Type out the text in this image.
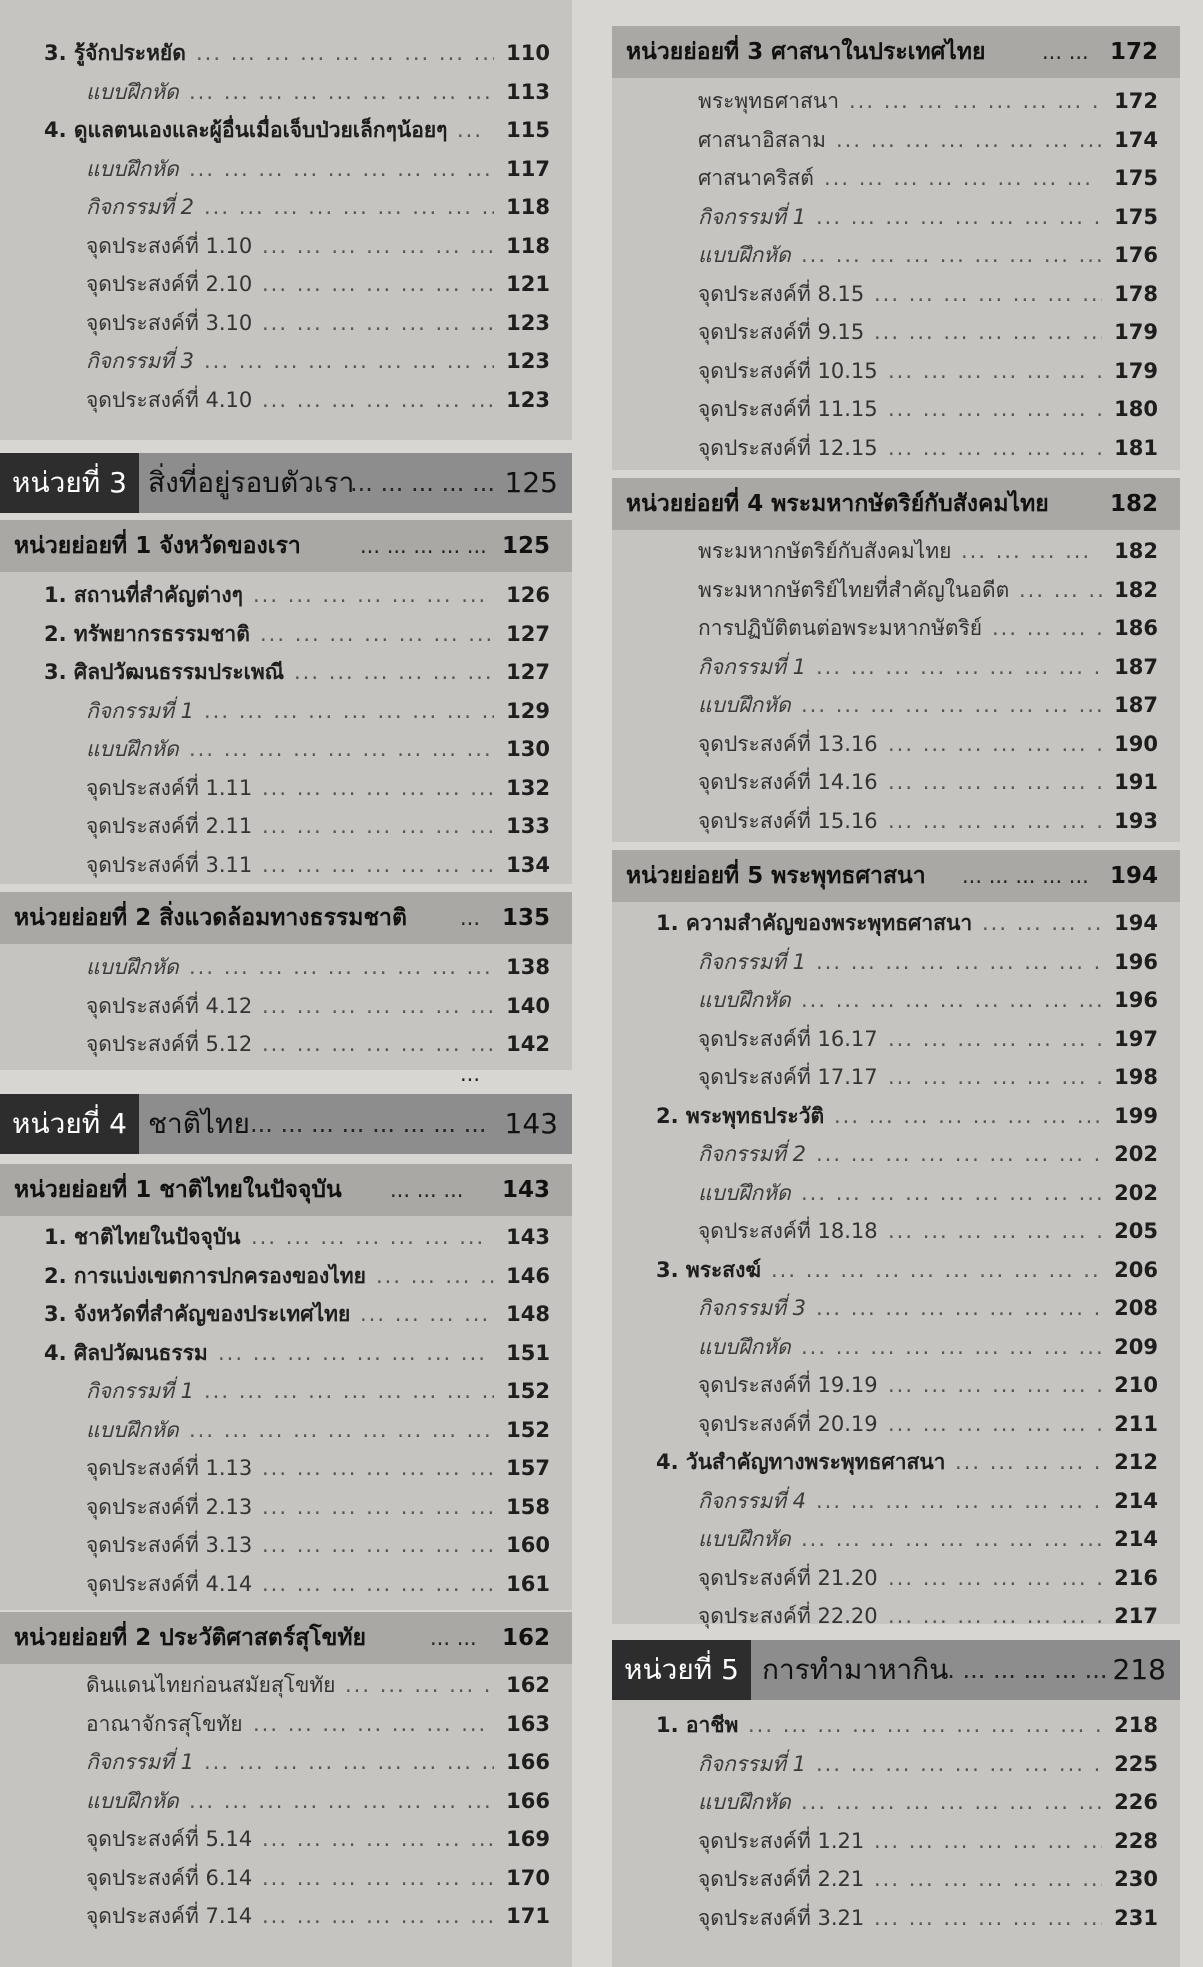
3. รู้จักประหยัด ... .	110
แบบฝึกหัด ... .	113
4. ดูแลตนเองและผู้อื่นเมื่อเจ็บป่วยเล็กๆน้อยๆ ... .	115
แบบฝึกหัด ... .	117
กิจกรรมที่ 2 ... .	118
จุดประสงค์ที่ 1.10 ... .	118
จุดประสงค์ที่ 2.10 ... .	121
จุดประสงค์ที่ 3.10 ... .	123
กิจกรรมที่ 3 ... .	123
จุดประสงค์ที่ 4.10 ... .	123
หน่วยที่ 3 สิ่งที่อยู่รอบตัวเรา ... .	125
หน่วยย่อยที่ 1 จังหวัดของเรา ... .	125
1. สถานที่สำคัญต่างๆ ... .	126
2. ทรัพยากรธรรมชาติ ... .	127
3. ศิลปวัฒนธรรมประเพณี ... .	127
กิจกรรมที่ 1 ... .	129
แบบฝึกหัด ... .	130
จุดประสงค์ที่ 1.11 ... .	132
จุดประสงค์ที่ 2.11 ... .	133
จุดประสงค์ที่ 3.11 ... .	134
หน่วยย่อยที่ 2 สิ่งแวดล้อมทางธรรมชาติ ... .	135
แบบฝึกหัด ... .	138
จุดประสงค์ที่ 4.12 ... .	140
จุดประสงค์ที่ 5.12 ... .	142
หน่วยที่ 4 ชาติไทย ... .	143
หน่วยย่อยที่ 1 ชาติไทยในปัจจุบัน ... .	143
1. ชาติไทยในปัจจุบัน ... .	143
2. การแบ่งเขตการปกครองของไทย ... .	146
3. จังหวัดที่สำคัญของประเทศไทย ... .	148
4. ศิลปวัฒนธรรม ... .	151
กิจกรรมที่ 1 ... .	152
แบบฝึกหัด ... .	152
จุดประสงค์ที่ 1.13 ... .	157
จุดประสงค์ที่ 2.13 ... .	158
จุดประสงค์ที่ 3.13 ... .	160
จุดประสงค์ที่ 4.14 ... .	161
หน่วยย่อยที่ 2 ประวัติศาสตร์สุโขทัย ... .	162
ดินแดนไทยก่อนสมัยสุโขทัย ... .	162
อาณาจักรสุโขทัย ... .	163
กิจกรรมที่ 1 ... .	166
แบบฝึกหัด ... .	166
จุดประสงค์ที่ 5.14 ... .	169
จุดประสงค์ที่ 6.14 ... .	170
จุดประสงค์ที่ 7.14 ... .	171
หน่วยย่อยที่ 3 ศาสนาในประเทศไทย ... .	172
พระพุทธศาสนา ... .	172
ศาสนาอิสลาม ... .	174
ศาสนาคริสต์ ... .	175
กิจกรรมที่ 1 ... .	175
แบบฝึกหัด ... .	176
จุดประสงค์ที่ 8.15 ... .	178
จุดประสงค์ที่ 9.15 ... .	179
จุดประสงค์ที่ 10.15 ... .	179
จุดประสงค์ที่ 11.15 ... .	180
จุดประสงค์ที่ 12.15 ... .	181
หน่วยย่อยที่ 4 พระมหากษัตริย์กับสังคมไทย	182
พระมหากษัตริย์กับสังคมไทย ... .	182
พระมหากษัตริย์ไทยที่สำคัญในอดีต ... .	182
การปฏิบัติตนต่อพระมหากษัตริย์ ... .	186
กิจกรรมที่ 1 ... .	187
แบบฝึกหัด ... .	187
จุดประสงค์ที่ 13.16 ... .	190
จุดประสงค์ที่ 14.16 ... .	191
จุดประสงค์ที่ 15.16 ... .	193
หน่วยย่อยที่ 5 พระพุทธศาสนา ... .	194
1. ความสำคัญของพระพุทธศาสนา ... .	194
กิจกรรมที่ 1 ... .	196
แบบฝึกหัด ... .	196
จุดประสงค์ที่ 16.17 ... .	197
จุดประสงค์ที่ 17.17 ... .	198
2. พระพุทธประวัติ ... .	199
กิจกรรมที่ 2 ... .	202
แบบฝึกหัด ... .	202
จุดประสงค์ที่ 18.18 ... .	205
3. พระสงฆ์ ... .	206
กิจกรรมที่ 3 ... .	208
แบบฝึกหัด ... .	209
จุดประสงค์ที่ 19.19 ... .	210
จุดประสงค์ที่ 20.19 ... .	211
4. วันสำคัญทางพระพุทธศาสนา ... .	212
กิจกรรมที่ 4 ... .	214
แบบฝึกหัด ... .	214
จุดประสงค์ที่ 21.20 ... .	216
จุดประสงค์ที่ 22.20 ... .	217
หน่วยที่ 5 การทำมาหากิน ... .	218
1. อาชีพ ... .	218
กิจกรรมที่ 1 ... .	225
แบบฝึกหัด ... .	226
จุดประสงค์ที่ 1.21 ... .	228
จุดประสงค์ที่ 2.21 ... .	230
จุดประสงค์ที่ 3.21 ... .	231
